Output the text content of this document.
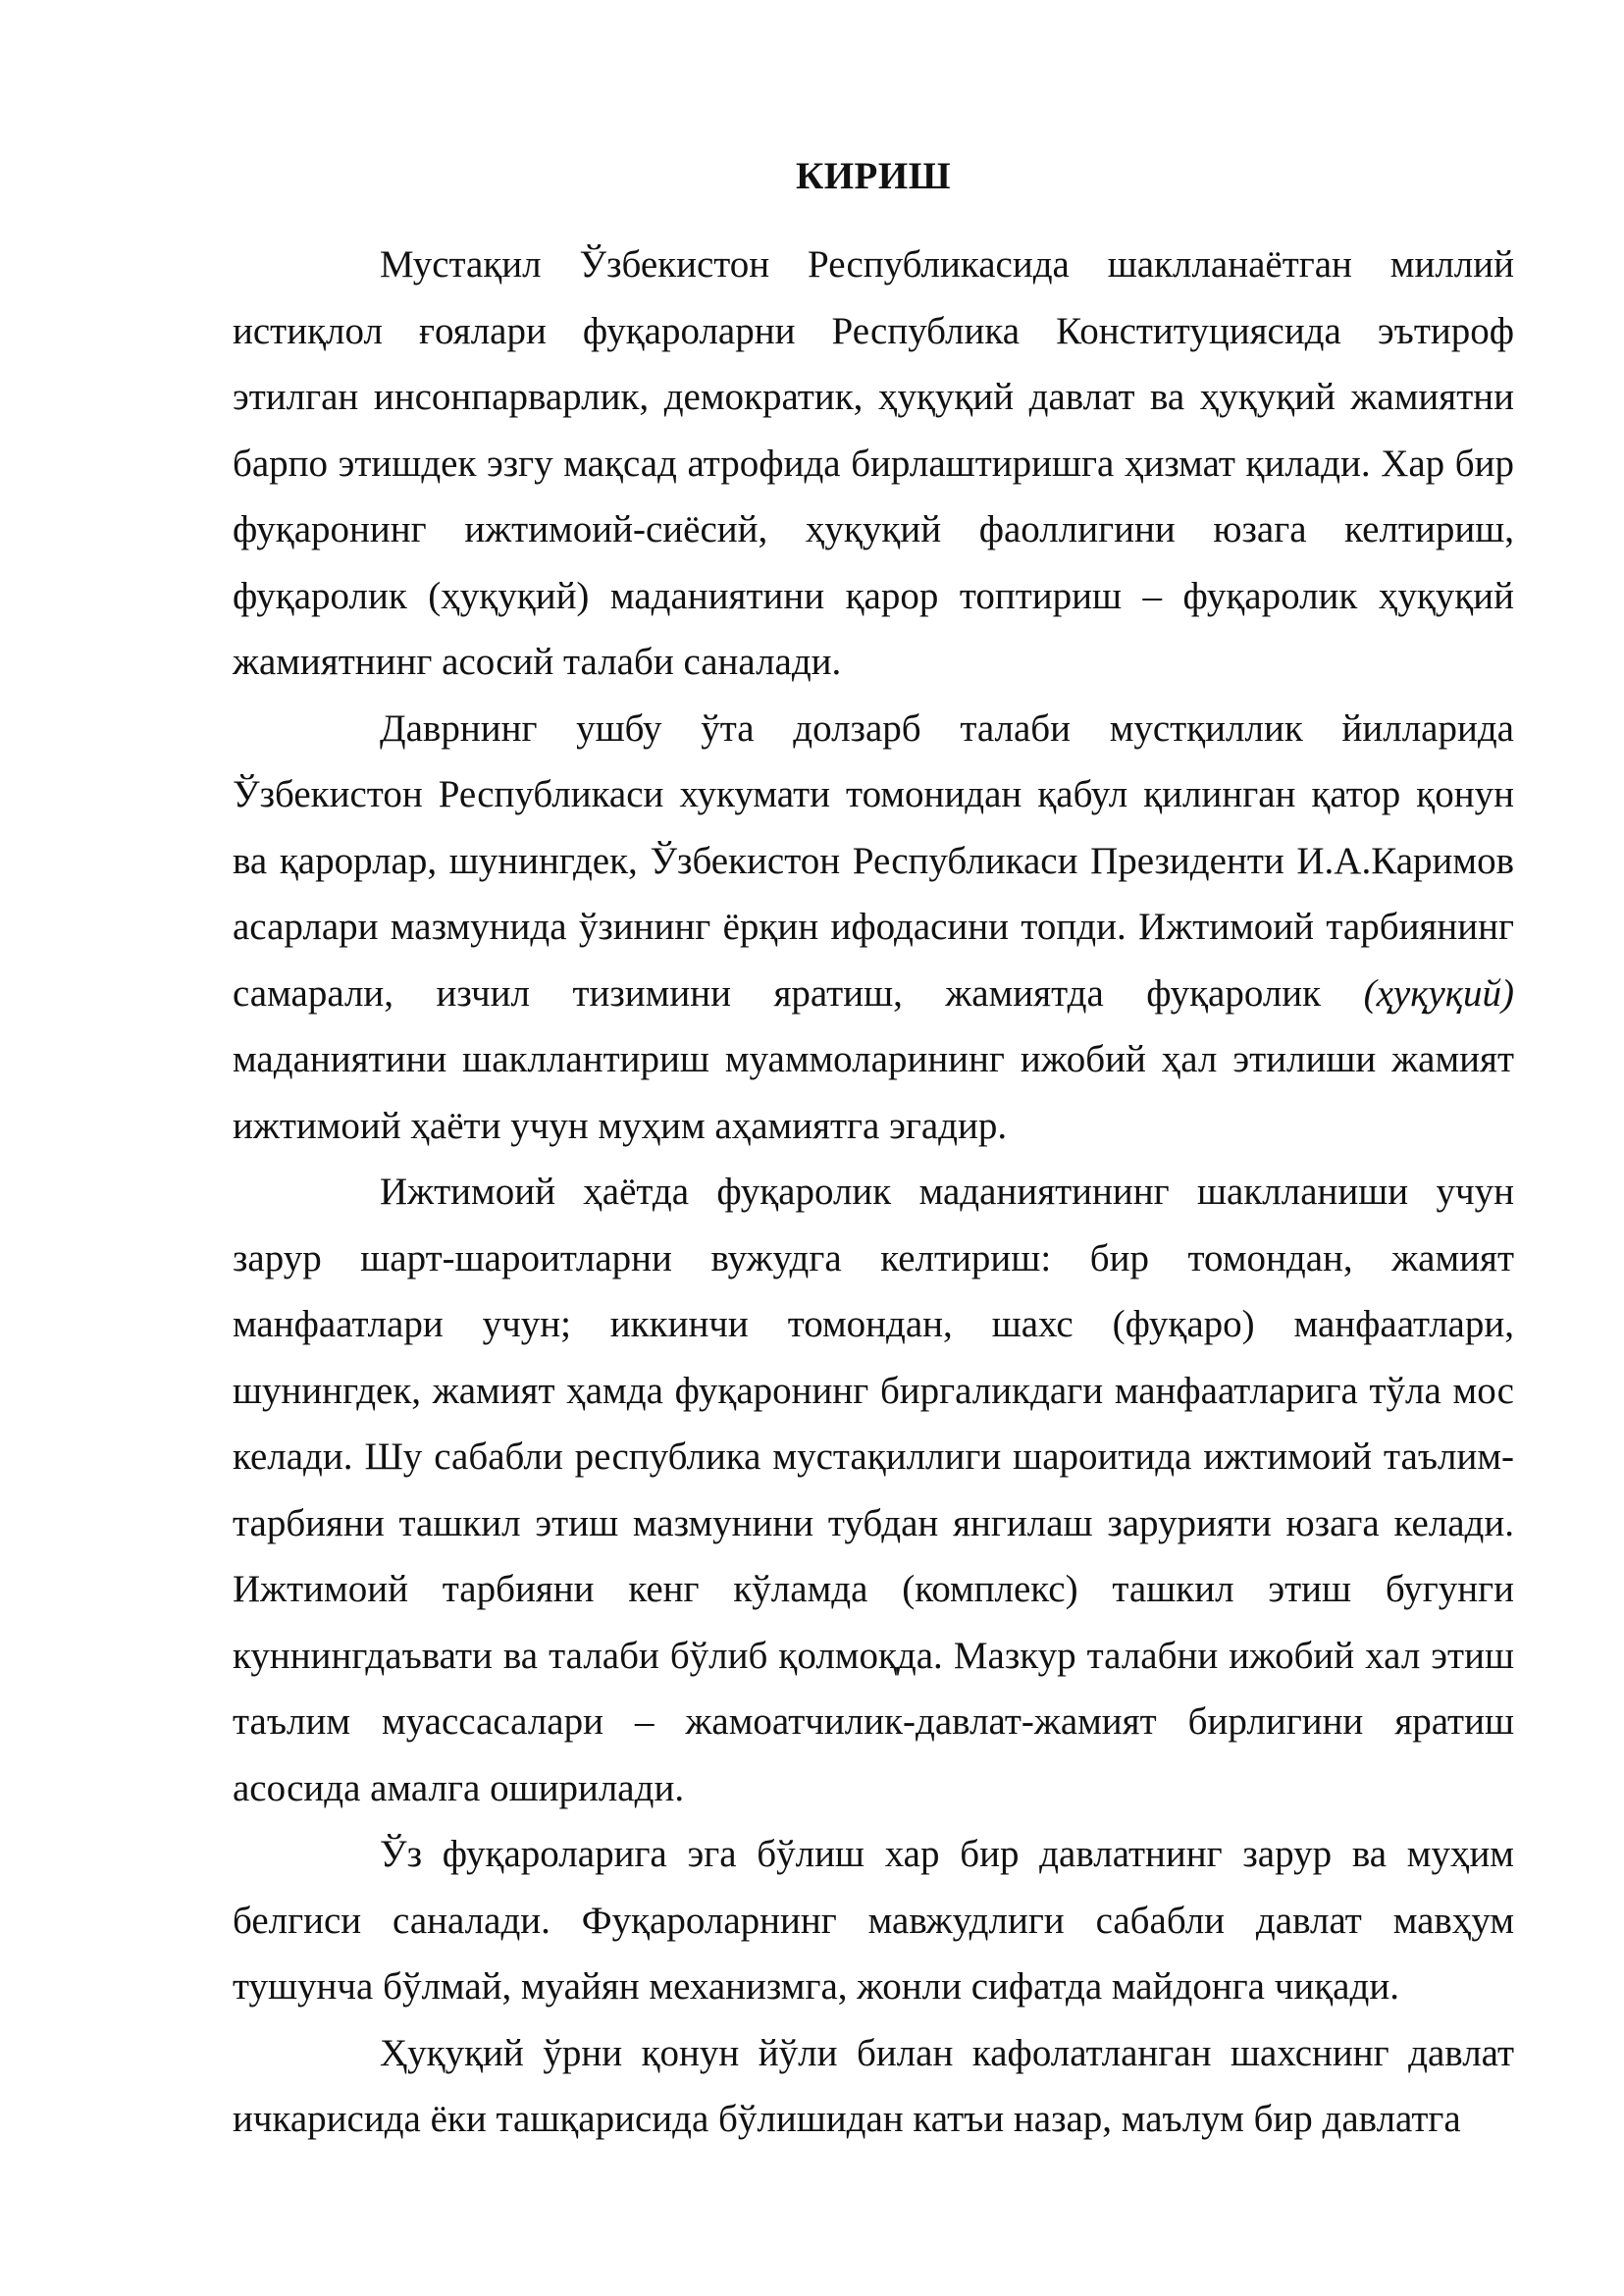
КИРИШ

Мустақил Ўзбекистон Республикасида шаклланаётган миллий истиқлол ғоялари фуқароларни Республика Конституциясида эътироф этилган инсонпарварлик, демократик, ҳуқуқий давлат ва ҳуқуқий жамиятни барпо этишдек эзгу мақсад атрофида бирлаштиришга ҳизмат қилади. Хар бир фуқаронинг ижтимоий-сиёсий, ҳуқуқий фаоллигини юзага келтириш, фуқаролик (ҳуқуқий) маданиятини қарор топтириш – фуқаролик ҳуқуқий жамиятнинг асосий талаби саналади.

Даврнинг ушбу ўта долзарб талаби мустқиллик йилларида Ўзбекистон Республикаси хукумати томонидан қабул қилинган қатор қонун ва қарорлар, шунингдек, Ўзбекистон Республикаси Президенти И.А.Каримов асарлари мазмунида ўзининг ёрқин ифодасини топди. Ижтимоий тарбиянинг самарали, изчил тизимини яратиш, жамиятда фуқаролик (ҳуқуқий) маданиятини шакллантириш муаммоларининг ижобий ҳал этилиши жамият ижтимоий ҳаёти учун муҳим аҳамиятга эгадир.

Ижтимоий ҳаётда фуқаролик маданиятининг шаклланиши учун зарур шарт-шароитларни вужудга келтириш: бир томондан, жамият манфаатлари учун; иккинчи томондан, шахс (фуқаро) манфаатлари, шунингдек, жамият ҳамда фуқаронинг биргаликдаги манфаатларига тўла мос келади. Шу сабабли республика мустақиллиги шароитида ижтимоий таълим-тарбияни ташкил этиш мазмунини тубдан янгилаш зарурияти юзага келади. Ижтимоий тарбияни кенг кўламда (комплекс) ташкил этиш бугунги куннингдаъвати ва талаби бўлиб қолмоқда. Мазкур талабни ижобий хал этиш таълим муассасалари – жамоатчилик-давлат-жамият бирлигини яратиш асосида амалга оширилади.

Ўз фуқароларига эга бўлиш хар бир давлатнинг зарур ва муҳим белгиси саналади. Фуқароларнинг мавжудлиги сабабли давлат мавҳум тушунча бўлмай, муайян механизмга, жонли сифатда майдонга чиқади.

Ҳуқуқий ўрни қонун йўли билан кафолатланган шахснинг давлат ичкарисида ёки ташқарисида бўлишидан катъи назар, маълум бир давлатга
